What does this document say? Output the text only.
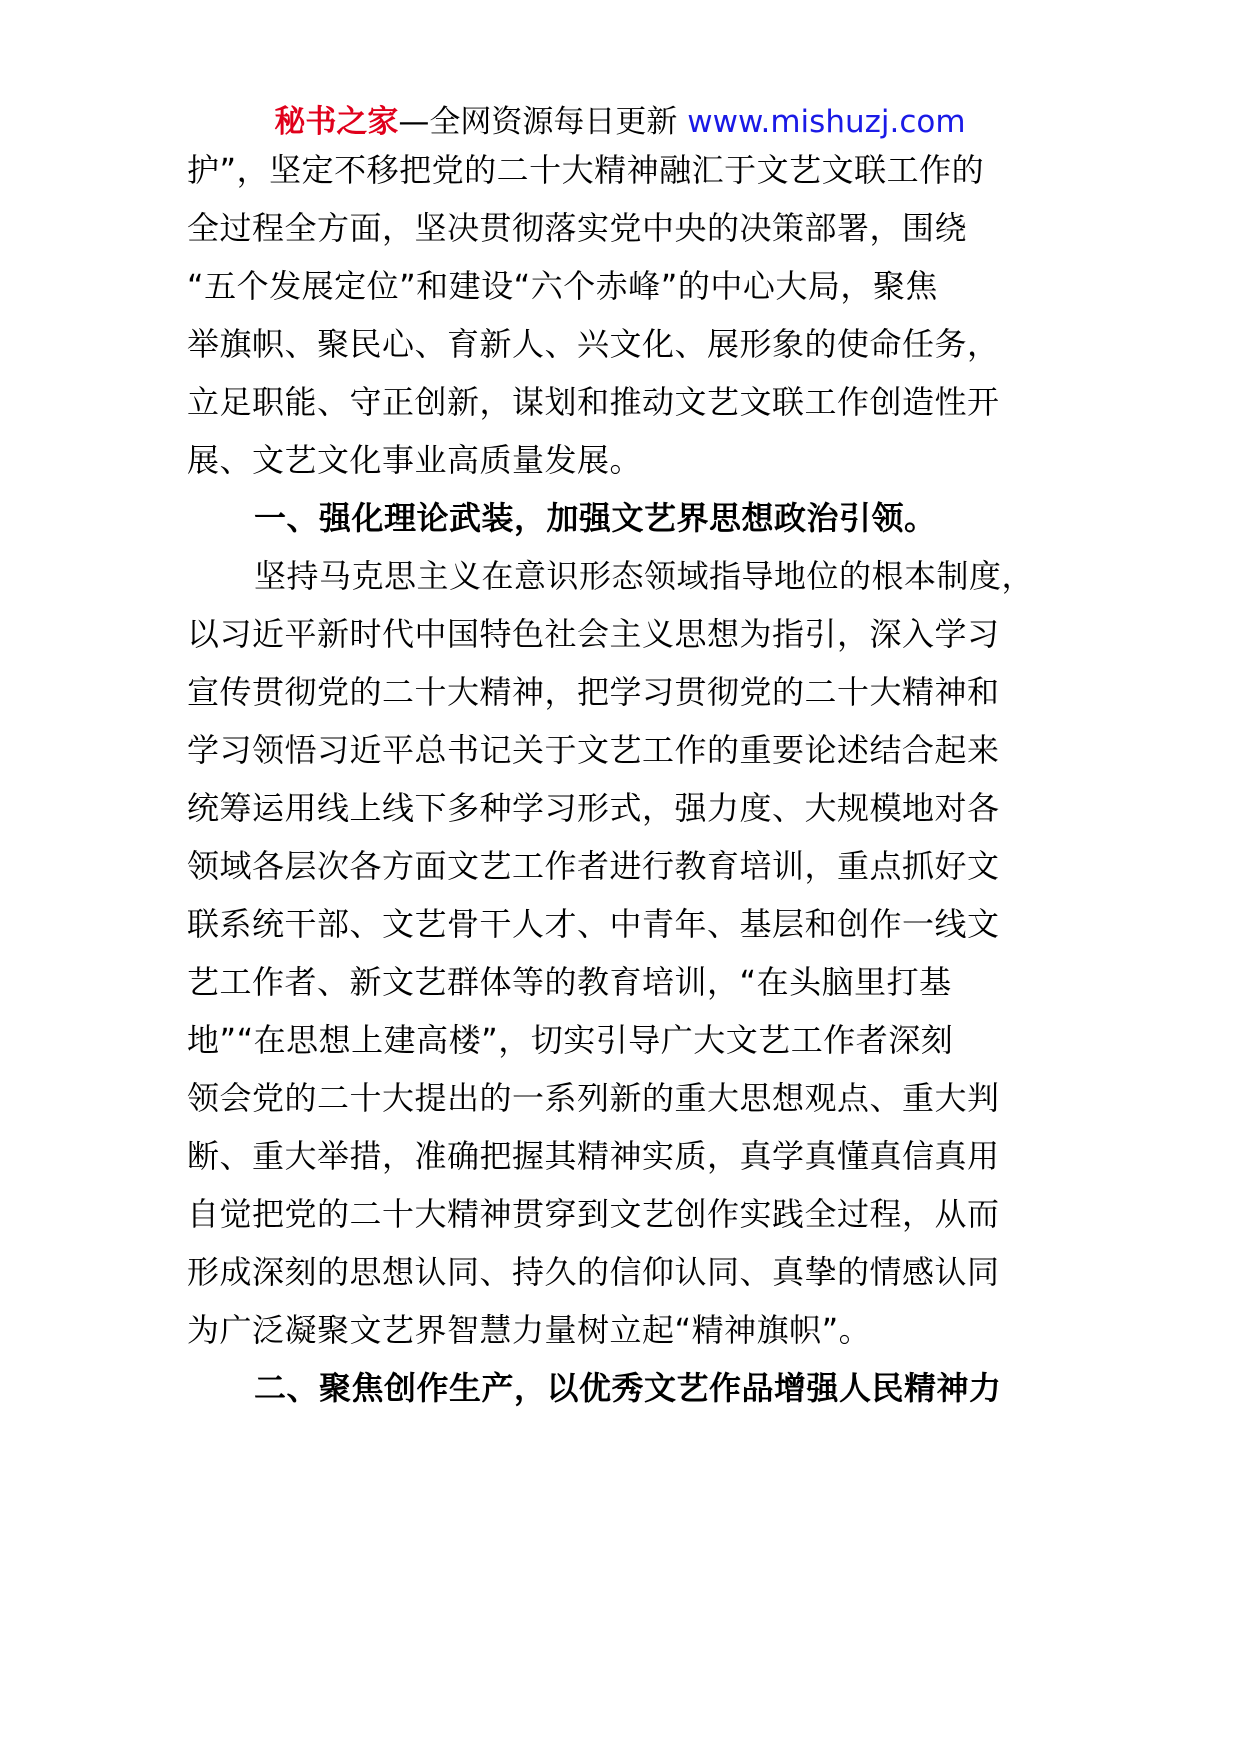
秘书之家—全网资源每日更新 www.mishuzj.com
护”，坚定不移把党的二十大精神融汇于文艺文联工作的
全过程全方面，坚决贯彻落实党中央的决策部署，围绕
“五个发展定位”和建设“六个赤峰”的中心大局，聚焦
举旗帜、聚民心、育新人、兴文化、展形象的使命任务，
立足职能、守正创新，谋划和推动文艺文联工作创造性开
展、文艺文化事业高质量发展。
一、强化理论武装，加强文艺界思想政治引领。
坚持马克思主义在意识形态领域指导地位的根本制度，
以习近平新时代中国特色社会主义思想为指引，深入学习
宣传贯彻党的二十大精神，把学习贯彻党的二十大精神和
学习领悟习近平总书记关于文艺工作的重要论述结合起来
统筹运用线上线下多种学习形式，强力度、大规模地对各
领域各层次各方面文艺工作者进行教育培训，重点抓好文
联系统干部、文艺骨干人才、中青年、基层和创作一线文
艺工作者、新文艺群体等的教育培训，“在头脑里打基
地”“在思想上建高楼”，切实引导广大文艺工作者深刻
领会党的二十大提出的一系列新的重大思想观点、重大判
断、重大举措，准确把握其精神实质，真学真懂真信真用
自觉把党的二十大精神贯穿到文艺创作实践全过程，从而
形成深刻的思想认同、持久的信仰认同、真挚的情感认同
为广泛凝聚文艺界智慧力量树立起“精神旗帜”。
二、聚焦创作生产，以优秀文艺作品增强人民精神力
